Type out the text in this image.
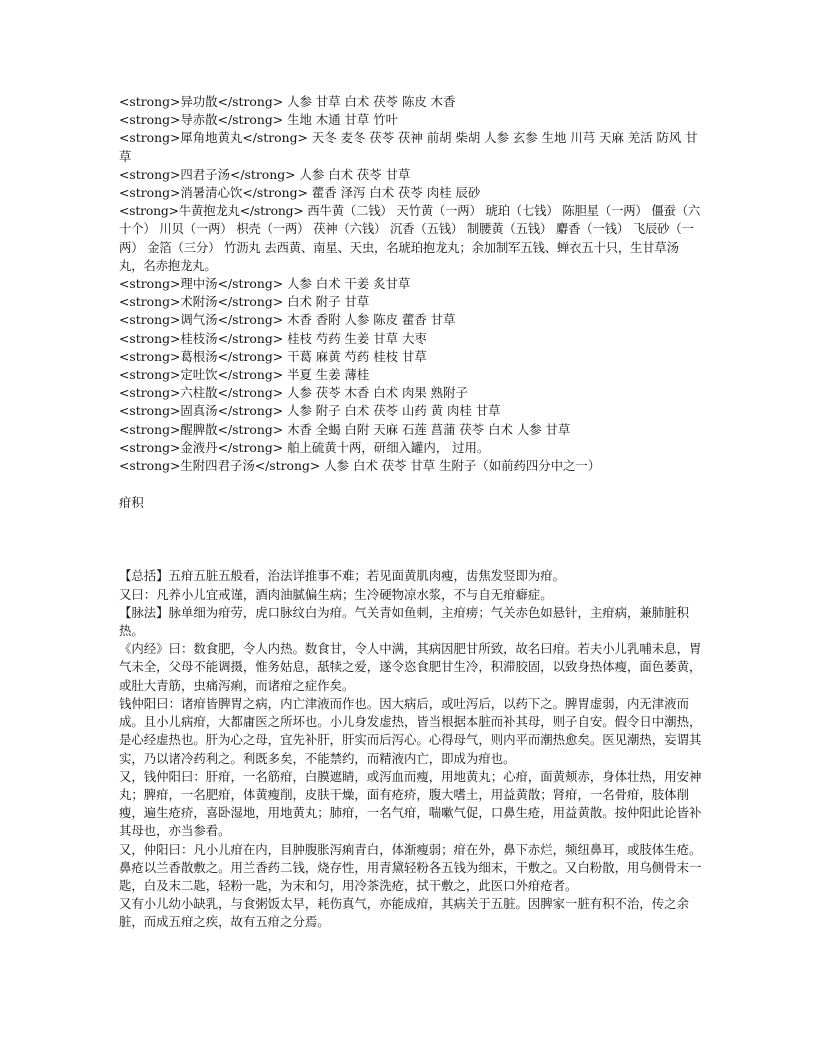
<strong>异功散</strong> 人参 甘草 白术 茯苓 陈皮 木香
<strong>导赤散</strong> 生地 木通 甘草 竹叶
<strong>犀角地黄丸</strong> 天冬 麦冬 茯苓 茯神 前胡 柴胡 人参 玄参 生地 川芎 天麻 羌活 防风 甘草
<strong>四君子汤</strong> 人参 白术 茯苓 甘草
<strong>消暑清心饮</strong> 藿香 泽泻 白术 茯苓 肉桂 辰砂
<strong>牛黄抱龙丸</strong> 西牛黄（二钱） 天竹黄（一两） 琥珀（七钱） 陈胆星（一两） 僵蚕（六十个） 川贝（一两） 枳壳（一两） 茯神（六钱） 沉香（五钱） 制腰黄（五钱） 麝香（一钱） 飞辰砂（一两） 金箔（三分） 竹沥丸 去西黄、南星、天虫，名琥珀抱龙丸；余加制军五钱、蝉衣五十只，生甘草汤丸，名赤抱龙丸。
<strong>理中汤</strong> 人参 白术 干姜 炙甘草
<strong>术附汤</strong> 白术 附子 甘草
<strong>调气汤</strong> 木香 香附 人参 陈皮 藿香 甘草
<strong>桂枝汤</strong> 桂枝 芍药 生姜 甘草 大枣
<strong>葛根汤</strong> 干葛 麻黄 芍药 桂枝 甘草
<strong>定吐饮</strong> 半夏 生姜 薄桂
<strong>六柱散</strong> 人参 茯苓 木香 白术 肉果 熟附子
<strong>固真汤</strong> 人参 附子 白术 茯苓 山药 黄 肉桂 甘草
<strong>醒脾散</strong> 木香 全蝎 白附 天麻 石莲 菖蒲 茯苓 白术 人参 甘草
<strong>金液丹</strong> 舶上硫黄十两，研细入罐内， 过用。
<strong>生附四君子汤</strong> 人参 白术 茯苓 甘草 生附子（如前药四分中之一）
疳积
【总括】五疳五脏五般看，治法详推事不难；若见面黄肌肉瘦，齿焦发竖即为疳。
又曰：凡养小儿宜戒谨，酒肉油腻偏生病；生冷硬物凉水浆，不与自无疳癖症。
【脉法】脉单细为疳劳，虎口脉纹白为疳。气关青如鱼刺，主疳痨；气关赤色如悬针，主疳病，兼肺脏积热。
《内经》曰：数食肥，令人内热。数食甘，令人中满，其病因肥甘所致，故名曰疳。若夫小儿乳哺未息，胃气未全，父母不能调摄，惟务姑息，舐犊之爱，遂令恣食肥甘生冷，积滞胶固，以致身热体瘦，面色萎黄，或肚大青筋，虫痛泻痢，而诸疳之症作矣。
钱仲阳曰：诸疳皆脾胃之病，内亡津液而作也。因大病后，或吐泻后，以药下之。脾胃虚弱，内无津液而成。且小儿病疳，大都庸医之所坏也。小儿身发虚热，皆当根据本脏而补其母，则子自安。假令日中潮热，是心经虚热也。肝为心之母，宜先补肝，肝实而后泻心。心得母气，则内平而潮热愈矣。医见潮热，妄谓其实，乃以诸冷药利之。利既多矣，不能禁约，而精液内亡，即成为疳也。
又，钱仲阳曰：肝疳，一名筋疳，白膜遮睛，或泻血而瘦，用地黄丸；心疳，面黄颊赤，身体壮热，用安神丸；脾疳，一名肥疳，体黄瘦削，皮肤干燥，面有疮疥，腹大嗜土，用益黄散；肾疳，一名骨疳，肢体削瘦，遍生疮疥，喜卧湿地，用地黄丸；肺疳，一名气疳，喘嗽气促，口鼻生疮，用益黄散。按仲阳此论皆补其母也，亦当参看。
又，仲阳曰：凡小儿疳在内，目肿腹胀泻痢青白，体渐瘦弱；疳在外，鼻下赤烂，频纽鼻耳，或肢体生疮。鼻疮以兰香散敷之。用兰香药二钱，烧存性，用青黛轻粉各五钱为细末，干敷之。又白粉散，用乌侧骨末一匙，白及末二匙，轻粉一匙，为末和匀，用冷茶洗疮，拭干敷之，此医口外疳疮者。
又有小儿幼小缺乳，与食粥饭太早，耗伤真气，亦能成疳，其病关于五脏。因脾家一脏有积不治，传之余脏，而成五疳之疾，故有五疳之分焉。
